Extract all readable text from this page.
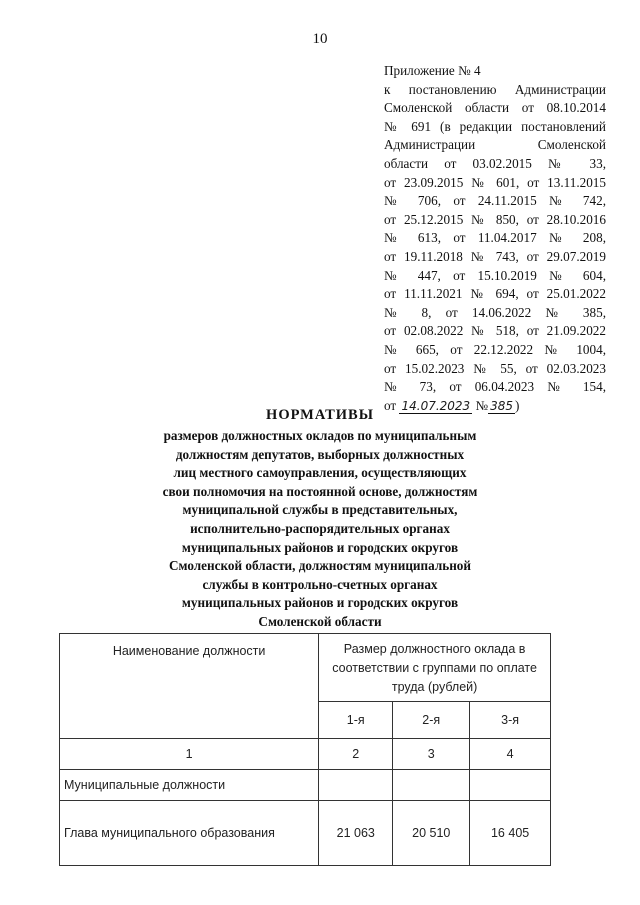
10
Приложение № 4
к постановлению Администрации
Смоленской области от 08.10.2014
№ 691 (в редакции постановлений
Администрации Смоленской
области от 03.02.2015 № 33,
от 23.09.2015 № 601, от 13.11.2015
№ 706, от 24.11.2015 № 742,
от 25.12.2015 № 850, от 28.10.2016
№ 613, от 11.04.2017 № 208,
от 19.11.2018 № 743, от 29.07.2019
№ 447, от 15.10.2019 № 604,
от 11.11.2021 № 694, от 25.01.2022
№ 8, от 14.06.2022 № 385,
от 02.08.2022 № 518, от 21.09.2022
№ 665, от 22.12.2022 № 1004,
от 15.02.2023 № 55, от 02.03.2023
№ 73, от 06.04.2023 № 154,
от 14.07.2023 № 385 )
НОРМАТИВЫ
размеров должностных окладов по муниципальным
должностям депутатов, выборных должностных
лиц местного самоуправления, осуществляющих
свои полномочия на постоянной основе, должностям
муниципальной службы в представительных,
исполнительно-распорядительных органах
муниципальных районов и городских округов
Смоленской области, должностям муниципальной
службы в контрольно-счетных органах
муниципальных районов и городских округов
Смоленской области
Наименование должности	Размер должностного оклада в соответствии с группами по оплате труда (рублей)		
	1-я	2-я	3-я
1	2	3	4
Муниципальные должности			
Глава муниципального образования	21 063	20 510	16 405
